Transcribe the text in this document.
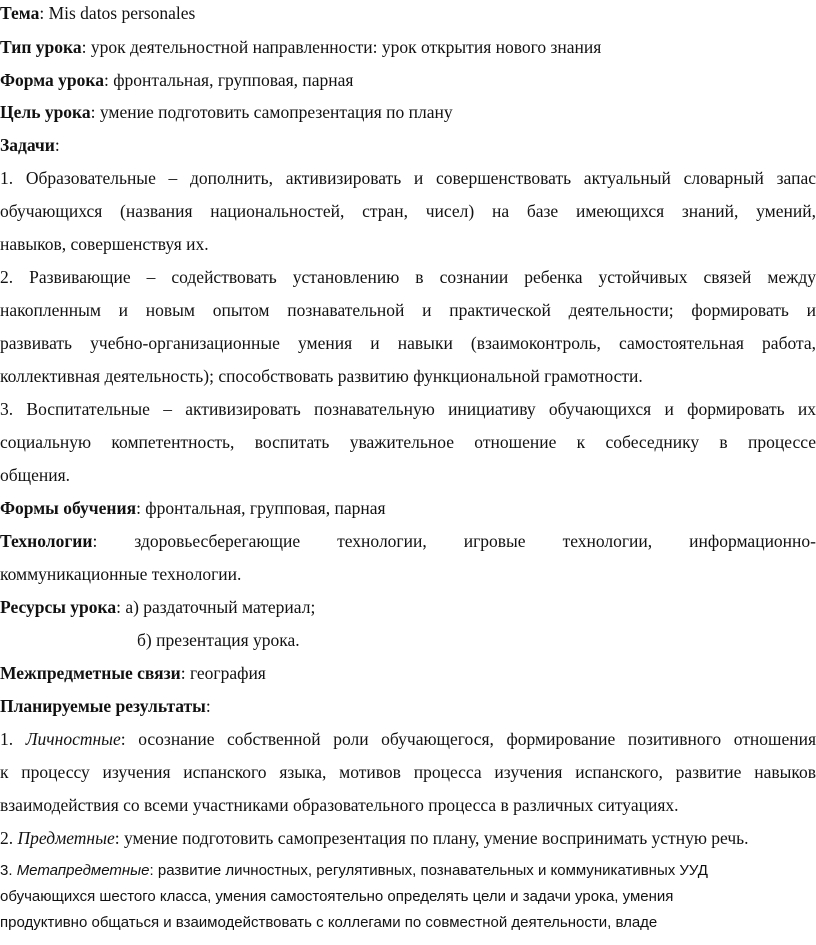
Тема: Mis datos personales
Тип урока: урок деятельностной направленности: урок открытия нового знания
Форма урока: фронтальная, групповая, парная
Цель урока: умение подготовить самопрезентация по плану
Задачи:
1. Образовательные – дополнить, активизировать и совершенствовать актуальный словарный запас
обучающихся (названия национальностей, стран, чисел) на базе имеющихся знаний, умений,
навыков, совершенствуя их.
2. Развивающие – содействовать установлению в сознании ребенка устойчивых связей между
накопленным и новым опытом познавательной и практической деятельности; формировать и
развивать учебно-организационные умения и навыки (взаимоконтроль, самостоятельная работа,
коллективная деятельность); способствовать развитию функциональной грамотности.
3. Воспитательные – активизировать познавательную инициативу обучающихся и формировать их
социальную компетентность, воспитать уважительное отношение к собеседнику в процессе
общения.
Формы обучения: фронтальная, групповая, парная
Технологии: здоровьесберегающие технологии, игровые технологии, информационно-
коммуникационные технологии.
Ресурсы урока: а) раздаточный материал;
б) презентация урока.
Межпредметные связи: география
Планируемые результаты:
1. Личностные: осознание собственной роли обучающегося, формирование позитивного отношения
к процессу изучения испанского языка, мотивов процесса изучения испанского, развитие навыков
взаимодействия со всеми участниками образовательного процесса в различных ситуациях.
2. Предметные: умение подготовить самопрезентация по плану, умение воспринимать устную речь.
3. Метапредметные: развитие личностных, регулятивных, познавательных и коммуникативных УУД
обучающихся шестого класса, умения самостоятельно определять цели и задачи урока, умения
продуктивно общаться и взаимодействовать с коллегами по совместной деятельности, владе
